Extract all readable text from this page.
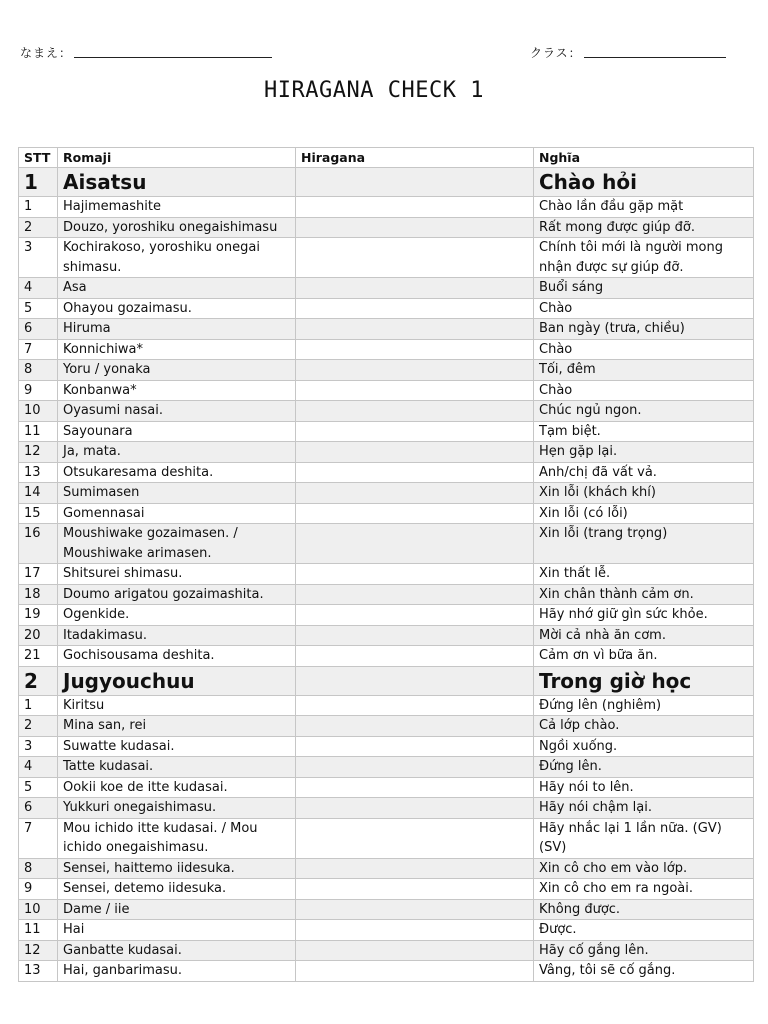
なまえ：	クラス：
HIRAGANA CHECK 1
STT	Romaji	Hiragana	Nghĩa
1	Aisatsu		Chào hỏi
1	Hajimemashite		Chào lần đầu gặp mặt
2	Douzo, yoroshiku onegaishimasu		Rất mong được giúp đỡ.
3	Kochirakoso, yoroshiku onegai shimasu.		Chính tôi mới là người mong nhận được sự giúp đỡ.
4	Asa		Buổi sáng
5	Ohayou gozaimasu.		Chào
6	Hiruma		Ban ngày (trưa, chiều)
7	Konnichiwa*		Chào
8	Yoru / yonaka		Tối, đêm
9	Konbanwa*		Chào
10	Oyasumi nasai.		Chúc ngủ ngon.
11	Sayounara		Tạm biệt.
12	Ja, mata.		Hẹn gặp lại.
13	Otsukaresama deshita.		Anh/chị đã vất vả.
14	Sumimasen		Xin lỗi (khách khí)
15	Gomennasai		Xin lỗi (có lỗi)
16	Moushiwake gozaimasen. / Moushiwake arimasen.		Xin lỗi (trang trọng)
17	Shitsurei shimasu.		Xin thất lễ.
18	Doumo arigatou gozaimashita.		Xin chân thành cảm ơn.
19	Ogenkide.		Hãy nhớ giữ gìn sức khỏe.
20	Itadakimasu.		Mời cả nhà ăn cơm.
21	Gochisousama deshita.		Cảm ơn vì bữa ăn.
2	Jugyouchuu		Trong giờ học
1	Kiritsu		Đứng lên (nghiêm)
2	Mina san, rei		Cả lớp chào.
3	Suwatte kudasai.		Ngồi xuống.
4	Tatte kudasai.		Đứng lên.
5	Ookii koe de itte kudasai.		Hãy nói to lên.
6	Yukkuri onegaishimasu.		Hãy nói chậm lại.
7	Mou ichido itte kudasai. / Mou ichido onegaishimasu.		Hãy nhắc lại 1 lần nữa. (GV) (SV)
8	Sensei, haittemo iidesuka.		Xin cô cho em vào lớp.
9	Sensei, detemo iidesuka.		Xin cô cho em ra ngoài.
10	Dame / iie		Không được.
11	Hai		Được.
12	Ganbatte kudasai.		Hãy cố gắng lên.
13	Hai, ganbarimasu.		Vâng, tôi sẽ cố gắng.
